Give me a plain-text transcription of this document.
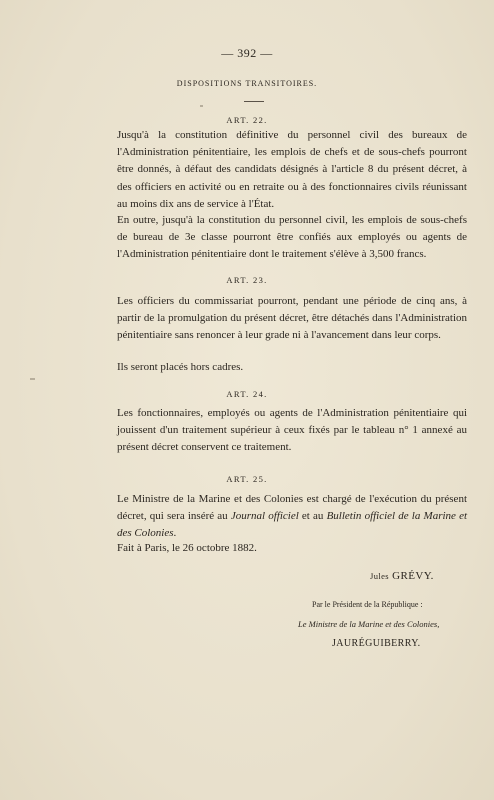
— 392 —
DISPOSITIONS TRANSITOIRES.
ART. 22.

Jusqu'à la constitution définitive du personnel civil des bureaux de l'Administration pénitentiaire, les emplois de chefs et de sous-chefs pourront être donnés, à défaut des candidats désignés à l'article 8 du présent décret, à des officiers en activité ou en retraite ou à des fonctionnaires civils réunissant au moins dix ans de service à l'État.

En outre, jusqu'à la constitution du personnel civil, les emplois de sous-chefs de bureau de 3e classe pourront être confiés aux employés ou agents de l'Administration pénitentiaire dont le traitement s'élève à 3,500 francs.

ART. 23.

Les officiers du commissariat pourront, pendant une période de cinq ans, à partir de la promulgation du présent décret, être détachés dans l'Administration pénitentiaire sans renoncer à leur grade ni à l'avancement dans leur corps.

Ils seront placés hors cadres.

ART. 24.

Les fonctionnaires, employés ou agents de l'Administration pénitentiaire qui jouissent d'un traitement supérieur à ceux fixés par le tableau n° 1 annexé au présent décret conservent ce traitement.

ART. 25.

Le Ministre de la Marine et des Colonies est chargé de l'exécution du présent décret, qui sera inséré au Journal officiel et au Bulletin officiel de la Marine et des Colonies.

Fait à Paris, le 26 octobre 1882.
Jules GRÉVY.
Par le Président de la République :
Le Ministre de la Marine et des Colonies,
JAURÉGUIBERRY.
